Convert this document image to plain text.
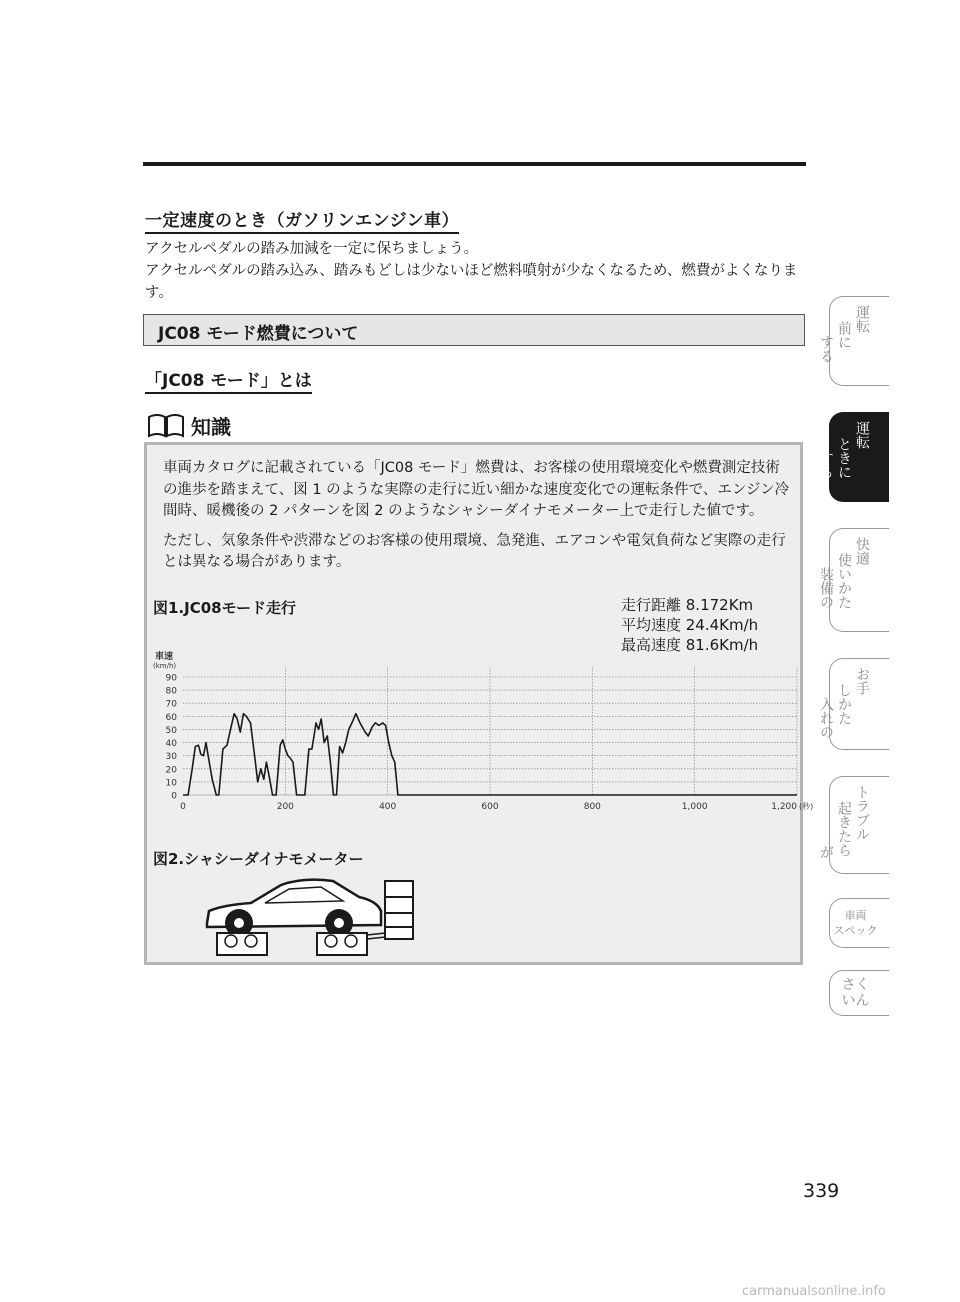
一定速度のとき（ガソリンエンジン車）

アクセルペダルの踏み加減を一定に保ちましょう。

アクセルペダルの踏み込み、踏みもどしは少ないほど燃料噴射が少なくなるため、燃費がよくなります。

JC08 モード燃費について
「JC08 モード」とは
知識

車両カタログに記載されている「JC08 モード」燃費は、お客様の使用環境変化や燃費測定技術の進歩を踏まえて、図 1 のような実際の走行に近い細かな速度変化での運転条件で、エンジン冷間時、暖機後の 2 パターンを図 2 のようなシャシーダイナモメーター上で走行した値です。

ただし、気象条件や渋滞などのお客様の使用環境、急発進、エアコンや電気負荷など実際の走行とは異なる場合があります。

図1.JC08モード走行	走行距離 8.172Km
平均速度 24.4Km/h
最高速度 81.6Km/h
0
10
20
30
40
50
60
70
80
90
0	200	400	600	800	1,000	1,200 (秒)
車速
(km/h)
図2.シャシーダイナモメーター
運転
前に
する
運転
ときに
する
快適
使いかた
装備の
お手
しかた
入れの
トラブル
起きたら
が
車両
スペック
さく
いん
339
carmanualsonline.info
